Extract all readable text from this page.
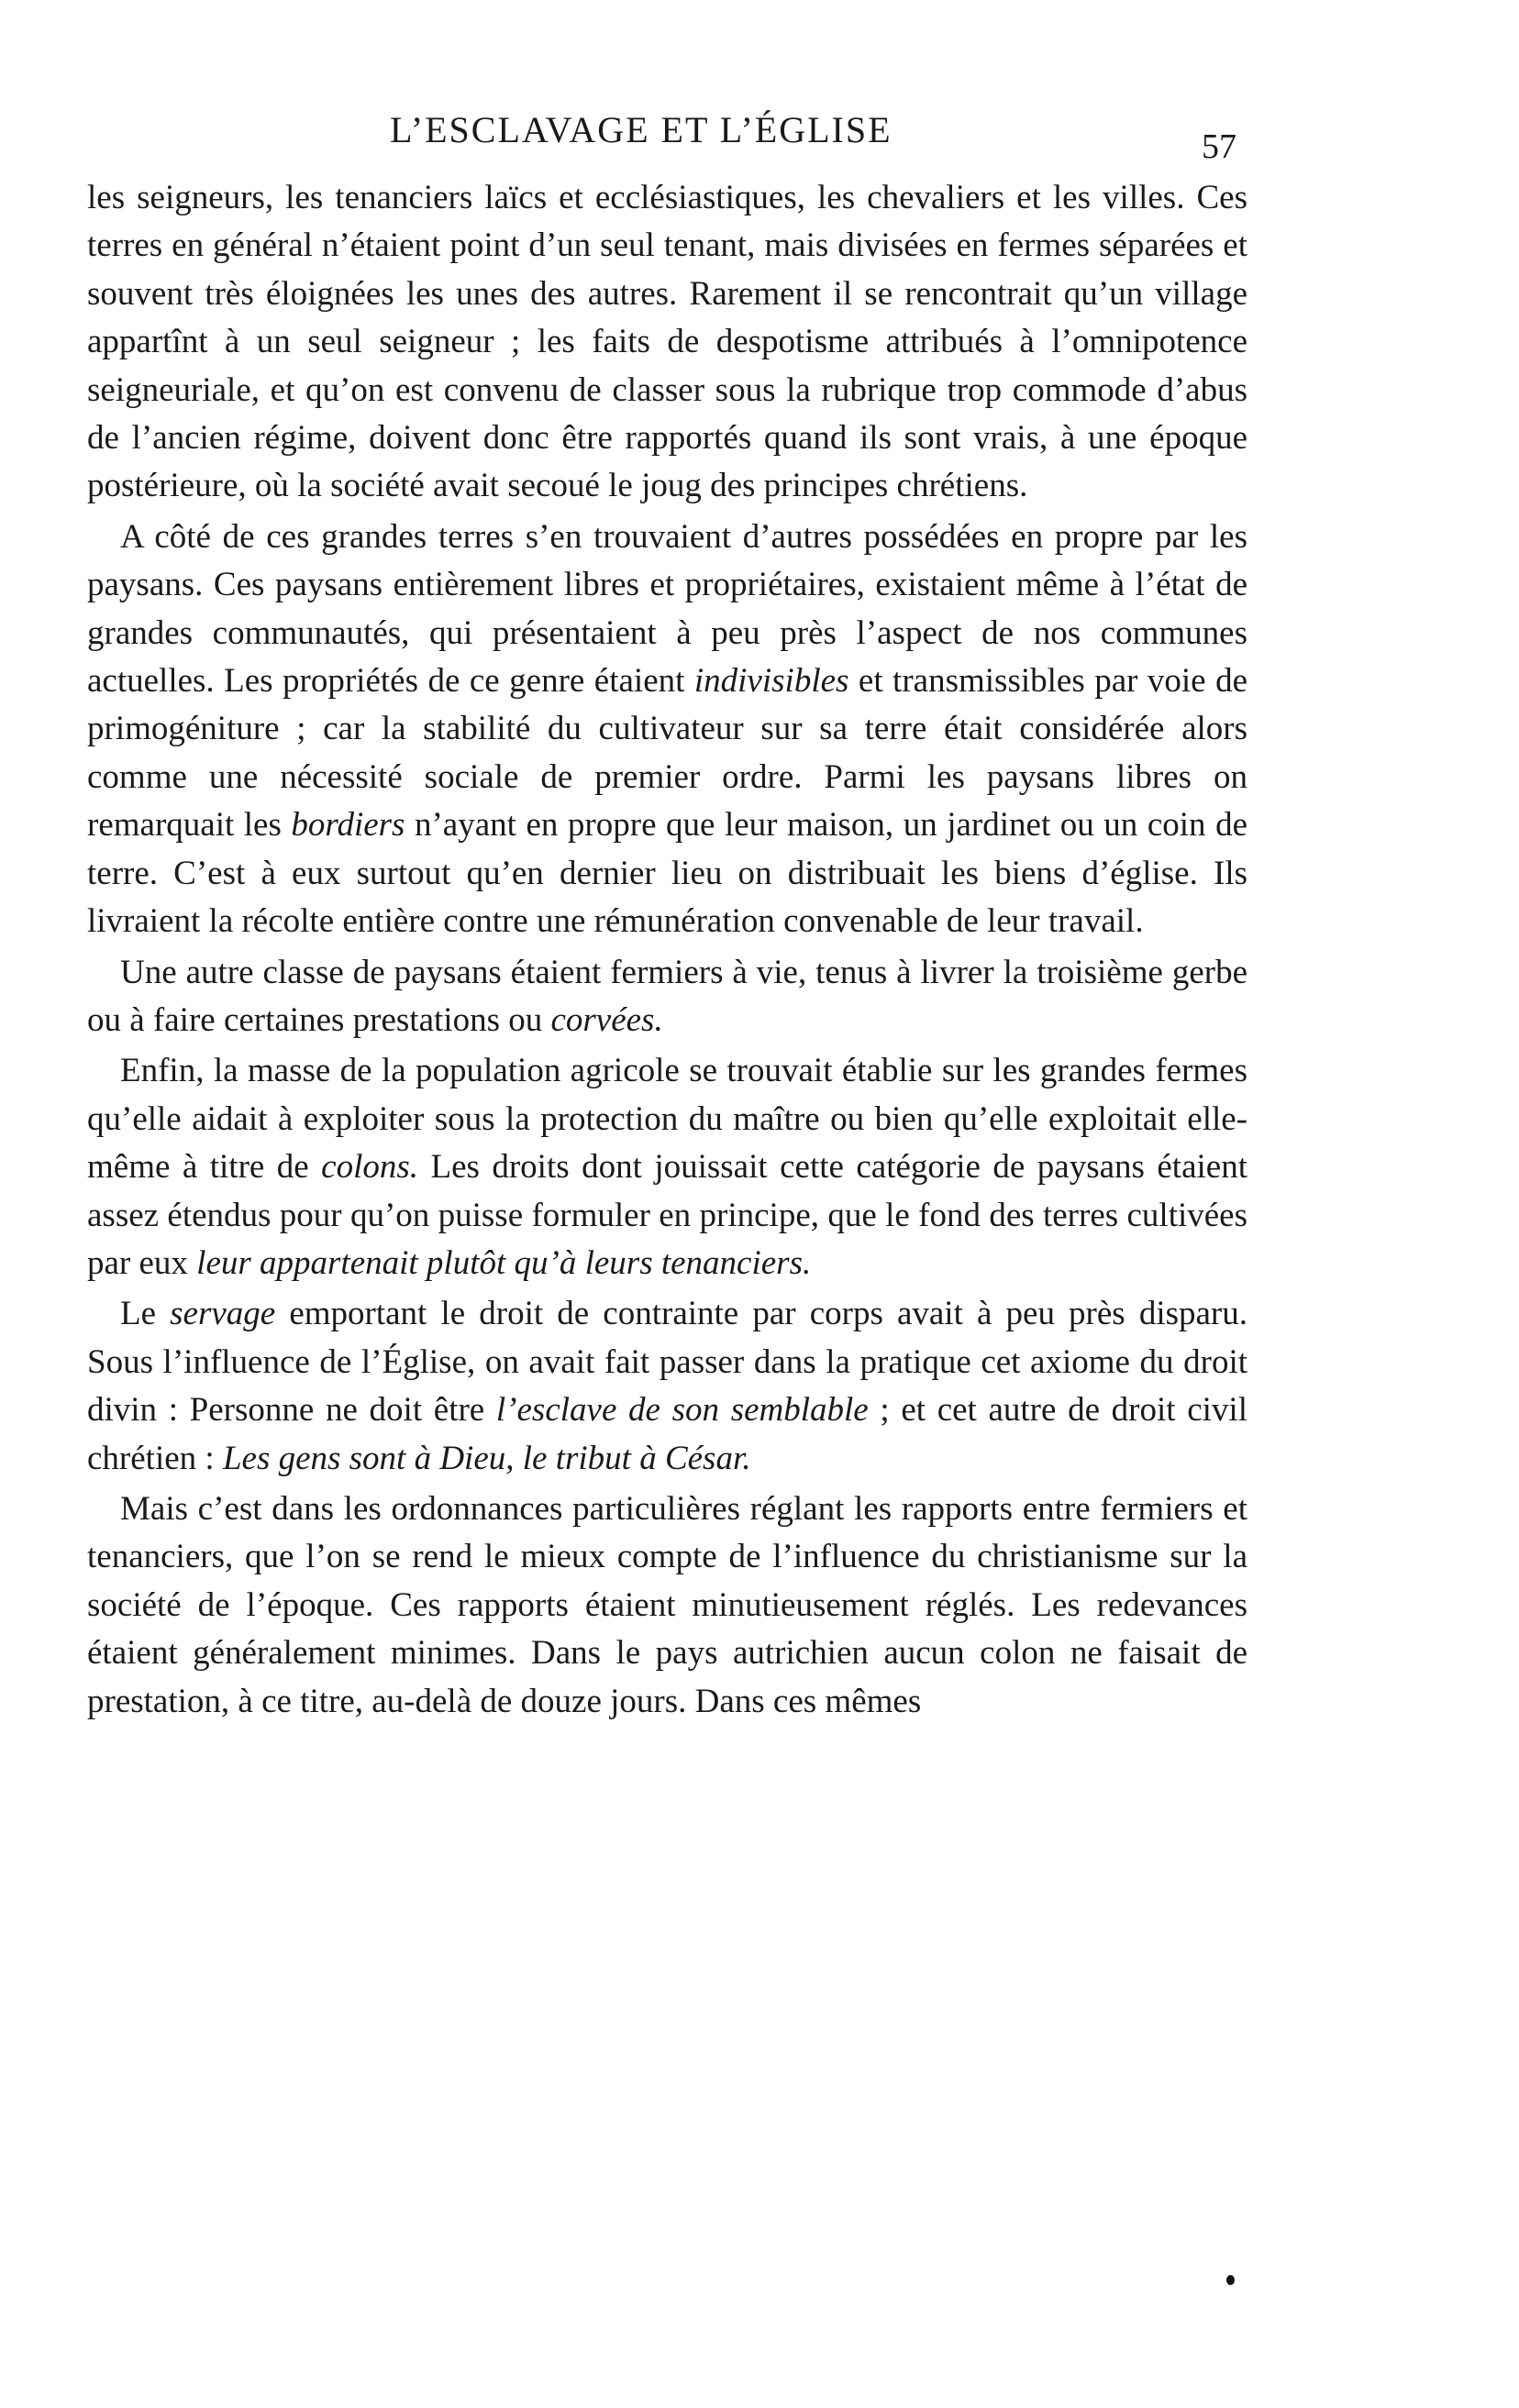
L’ESCLAVAGE ET L’ÉGLISE	57

les seigneurs, les tenanciers laïcs et ecclésiastiques, les chevaliers et les villes. Ces terres en général n’étaient point d’un seul tenant, mais divisées en fermes séparées et souvent très éloignées les unes des autres. Rarement il se rencontrait qu’un village appartînt à un seul seigneur ; les faits de despotisme attribués à l’omnipotence seigneuriale, et qu’on est convenu de classer sous la rubrique trop commode d’abus de l’ancien régime, doivent donc être rapportés quand ils sont vrais, à une époque postérieure, où la société avait secoué le joug des principes chrétiens.

A côté de ces grandes terres s’en trouvaient d’autres possédées en propre par les paysans. Ces paysans entièrement libres et propriétaires, existaient même à l’état de grandes communautés, qui présentaient à peu près l’aspect de nos communes actuelles. Les propriétés de ce genre étaient indivisibles et transmissibles par voie de primogéniture ; car la stabilité du cultivateur sur sa terre était considérée alors comme une nécessité sociale de premier ordre. Parmi les paysans libres on remarquait les bordiers n’ayant en propre que leur maison, un jardinet ou un coin de terre. C’est à eux surtout qu’en dernier lieu on distribuait les biens d’église. Ils livraient la récolte entière contre une rémunération convenable de leur travail.

Une autre classe de paysans étaient fermiers à vie, tenus à livrer la troisième gerbe ou à faire certaines prestations ou corvées.

Enfin, la masse de la population agricole se trouvait établie sur les grandes fermes qu’elle aidait à exploiter sous la protection du maître ou bien qu’elle exploitait elle-même à titre de colons. Les droits dont jouissait cette catégorie de paysans étaient assez étendus pour qu’on puisse formuler en principe, que le fond des terres cultivées par eux leur appartenait plutôt qu’à leurs tenanciers.

Le servage emportant le droit de contrainte par corps avait à peu près disparu. Sous l’influence de l’Église, on avait fait passer dans la pratique cet axiome du droit divin : Personne ne doit être l’esclave de son semblable ; et cet autre de droit civil chrétien : Les gens sont à Dieu, le tribut à César.

Mais c’est dans les ordonnances particulières réglant les rapports entre fermiers et tenanciers, que l’on se rend le mieux compte de l’influence du christianisme sur la société de l’époque. Ces rapports étaient minutieusement réglés. Les redevances étaient généralement minimes. Dans le pays autrichien aucun colon ne faisait de prestation, à ce titre, au-delà de douze jours. Dans ces mêmes
